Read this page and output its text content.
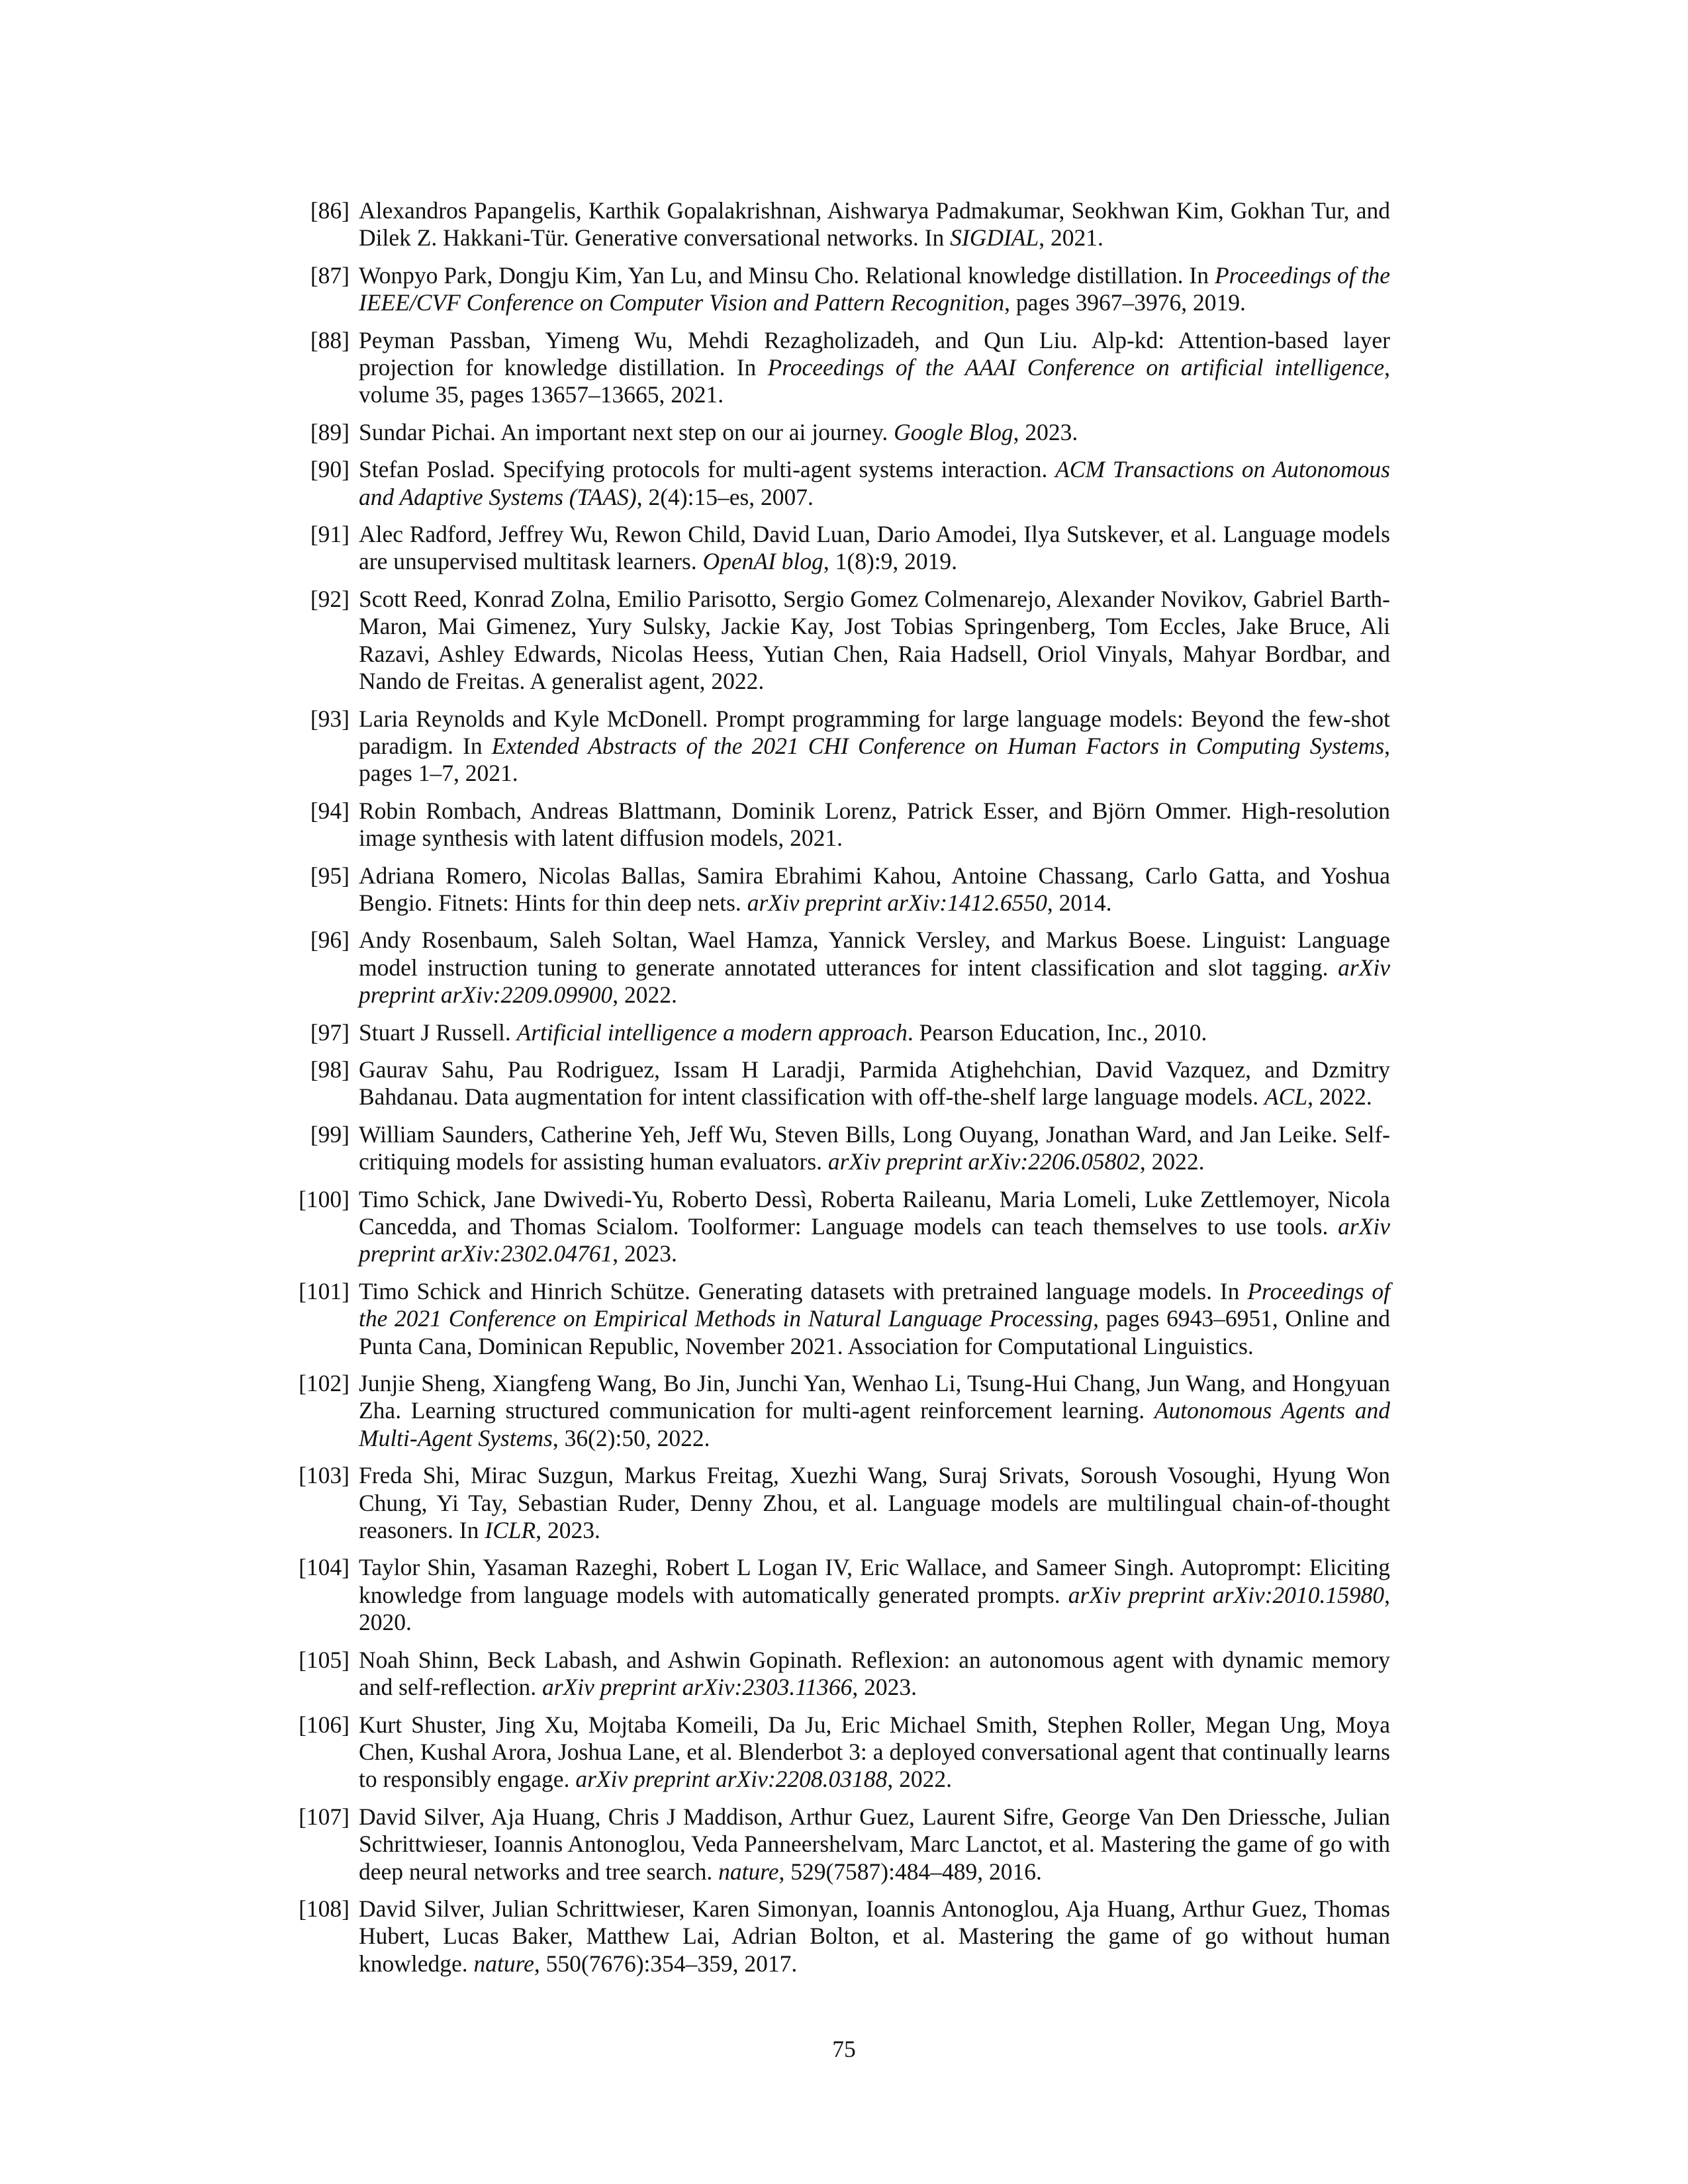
[86] Alexandros Papangelis, Karthik Gopalakrishnan, Aishwarya Padmakumar, Seokhwan Kim, Gokhan Tur, and Dilek Z. Hakkani-Tür. Generative conversational networks. In SIGDIAL, 2021.
[87] Wonpyo Park, Dongju Kim, Yan Lu, and Minsu Cho. Relational knowledge distillation. In Proceedings of the IEEE/CVF Conference on Computer Vision and Pattern Recognition, pages 3967–3976, 2019.
[88] Peyman Passban, Yimeng Wu, Mehdi Rezagholizadeh, and Qun Liu. Alp-kd: Attention-based layer projection for knowledge distillation. In Proceedings of the AAAI Conference on artificial intelligence, volume 35, pages 13657–13665, 2021.
[89] Sundar Pichai. An important next step on our ai journey. Google Blog, 2023.
[90] Stefan Poslad. Specifying protocols for multi-agent systems interaction. ACM Transactions on Autonomous and Adaptive Systems (TAAS), 2(4):15–es, 2007.
[91] Alec Radford, Jeffrey Wu, Rewon Child, David Luan, Dario Amodei, Ilya Sutskever, et al. Language models are unsupervised multitask learners. OpenAI blog, 1(8):9, 2019.
[92] Scott Reed, Konrad Zolna, Emilio Parisotto, Sergio Gomez Colmenarejo, Alexander Novikov, Gabriel Barth-Maron, Mai Gimenez, Yury Sulsky, Jackie Kay, Jost Tobias Springenberg, Tom Eccles, Jake Bruce, Ali Razavi, Ashley Edwards, Nicolas Heess, Yutian Chen, Raia Hadsell, Oriol Vinyals, Mahyar Bordbar, and Nando de Freitas. A generalist agent, 2022.
[93] Laria Reynolds and Kyle McDonell. Prompt programming for large language models: Beyond the few-shot paradigm. In Extended Abstracts of the 2021 CHI Conference on Human Factors in Computing Systems, pages 1–7, 2021.
[94] Robin Rombach, Andreas Blattmann, Dominik Lorenz, Patrick Esser, and Björn Ommer. High-resolution image synthesis with latent diffusion models, 2021.
[95] Adriana Romero, Nicolas Ballas, Samira Ebrahimi Kahou, Antoine Chassang, Carlo Gatta, and Yoshua Bengio. Fitnets: Hints for thin deep nets. arXiv preprint arXiv:1412.6550, 2014.
[96] Andy Rosenbaum, Saleh Soltan, Wael Hamza, Yannick Versley, and Markus Boese. Linguist: Language model instruction tuning to generate annotated utterances for intent classification and slot tagging. arXiv preprint arXiv:2209.09900, 2022.
[97] Stuart J Russell. Artificial intelligence a modern approach. Pearson Education, Inc., 2010.
[98] Gaurav Sahu, Pau Rodriguez, Issam H Laradji, Parmida Atighehchian, David Vazquez, and Dzmitry Bahdanau. Data augmentation for intent classification with off-the-shelf large language models. ACL, 2022.
[99] William Saunders, Catherine Yeh, Jeff Wu, Steven Bills, Long Ouyang, Jonathan Ward, and Jan Leike. Self-critiquing models for assisting human evaluators. arXiv preprint arXiv:2206.05802, 2022.
[100] Timo Schick, Jane Dwivedi-Yu, Roberto Dessì, Roberta Raileanu, Maria Lomeli, Luke Zettlemoyer, Nicola Cancedda, and Thomas Scialom. Toolformer: Language models can teach themselves to use tools. arXiv preprint arXiv:2302.04761, 2023.
[101] Timo Schick and Hinrich Schütze. Generating datasets with pretrained language models. In Proceedings of the 2021 Conference on Empirical Methods in Natural Language Processing, pages 6943–6951, Online and Punta Cana, Dominican Republic, November 2021. Association for Computational Linguistics.
[102] Junjie Sheng, Xiangfeng Wang, Bo Jin, Junchi Yan, Wenhao Li, Tsung-Hui Chang, Jun Wang, and Hongyuan Zha. Learning structured communication for multi-agent reinforcement learning. Autonomous Agents and Multi-Agent Systems, 36(2):50, 2022.
[103] Freda Shi, Mirac Suzgun, Markus Freitag, Xuezhi Wang, Suraj Srivats, Soroush Vosoughi, Hyung Won Chung, Yi Tay, Sebastian Ruder, Denny Zhou, et al. Language models are multilingual chain-of-thought reasoners. In ICLR, 2023.
[104] Taylor Shin, Yasaman Razeghi, Robert L Logan IV, Eric Wallace, and Sameer Singh. Autoprompt: Eliciting knowledge from language models with automatically generated prompts. arXiv preprint arXiv:2010.15980, 2020.
[105] Noah Shinn, Beck Labash, and Ashwin Gopinath. Reflexion: an autonomous agent with dynamic memory and self-reflection. arXiv preprint arXiv:2303.11366, 2023.
[106] Kurt Shuster, Jing Xu, Mojtaba Komeili, Da Ju, Eric Michael Smith, Stephen Roller, Megan Ung, Moya Chen, Kushal Arora, Joshua Lane, et al. Blenderbot 3: a deployed conversational agent that continually learns to responsibly engage. arXiv preprint arXiv:2208.03188, 2022.
[107] David Silver, Aja Huang, Chris J Maddison, Arthur Guez, Laurent Sifre, George Van Den Driessche, Julian Schrittwieser, Ioannis Antonoglou, Veda Panneershelvam, Marc Lanctot, et al. Mastering the game of go with deep neural networks and tree search. nature, 529(7587):484–489, 2016.
[108] David Silver, Julian Schrittwieser, Karen Simonyan, Ioannis Antonoglou, Aja Huang, Arthur Guez, Thomas Hubert, Lucas Baker, Matthew Lai, Adrian Bolton, et al. Mastering the game of go without human knowledge. nature, 550(7676):354–359, 2017.
75
